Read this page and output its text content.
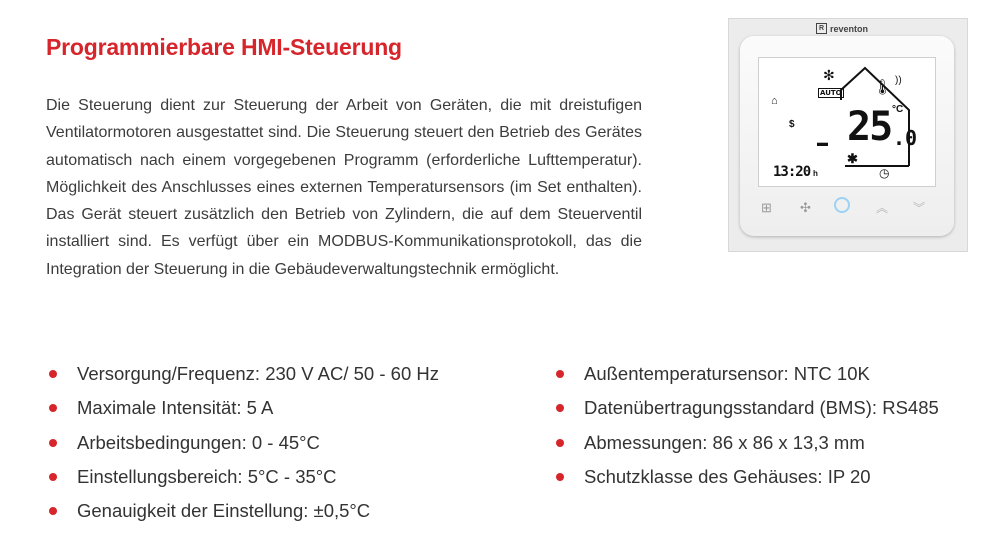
Programmierbare HMI-Steuerung

Die Steuerung dient zur Steuerung der Arbeit von Geräten, die mit dreistufigen Ventilatormotoren ausgestattet sind. Die Steuerung steuert den Betrieb des Gerätes automatisch nach einem vorgegebenen Programm (erforderliche Lufttemperatur). Möglichkeit des Anschlusses eines externen Temperatursensors (im Set enthalten). Das Gerät steuert zusätzlich den Betrieb von Zylindern, die auf dem Steuerventil installiert sind. Es verfügt über ein MODBUS-Kommunikationsprotokoll, das die Integration der Steuerung in die Gebäudeverwaltungstechnik ermöglicht.

Versorgung/Frequenz: 230 V AC/ 50 - 60 Hz
Maximale Intensität: 5 A
Arbeitsbedingungen: 0 - 45°C
Einstellungsbereich: 5°C - 35°C
Genauigkeit der Einstellung: ±0,5°C
Außentemperatursensor: NTC 10K
Datenübertragungsstandard (BMS): RS485
Abmessungen: 86 x 86 x 13,3 mm
Schutzklasse des Gehäuses: IP 20
R reventon
✻
🌡 ))
AUTO
⌂
$
▬ 25 .0
°C
✱
13:20 h	◷
⊞ ✣	︽ ︾
